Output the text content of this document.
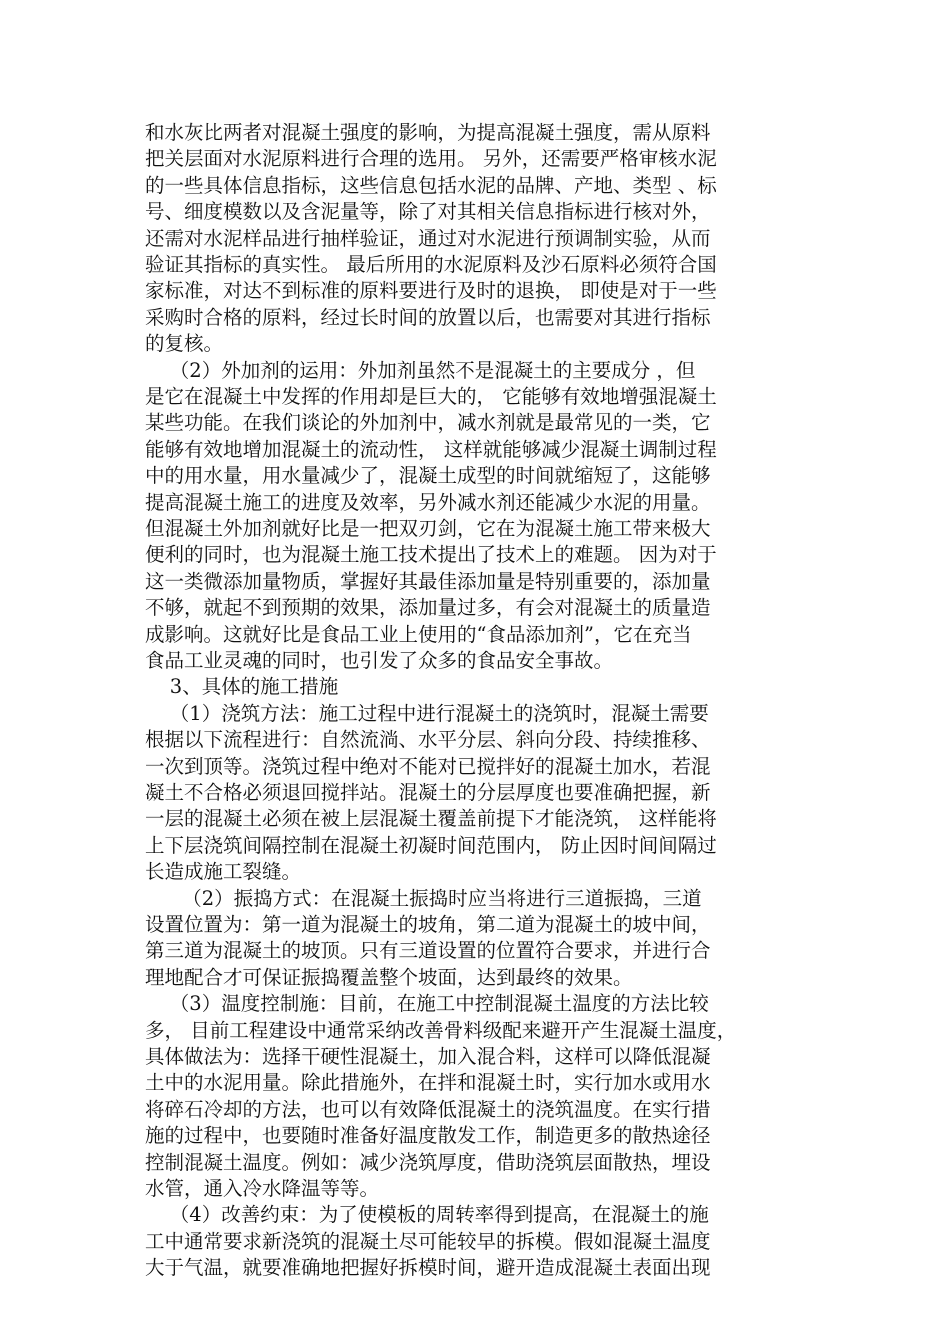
和水灰比两者对混凝土强度的影响，为提高混凝土强度，需从原料

把关层面对水泥原料进行合理的选用。 另外，还需要严格审核水泥

的一些具体信息指标，这些信息包括水泥的品牌、产地、类型 、标

号、细度模数以及含泥量等，除了对其相关信息指标进行核对外，

还需对水泥样品进行抽样验证，通过对水泥进行预调制实验，从而

验证其指标的真实性。 最后所用的水泥原料及沙石原料必须符合国

家标准，对达不到标准的原料要进行及时的退换， 即使是对于一些

采购时合格的原料，经过长时间的放置以后，也需要对其进行指标

的复核。

（2）外加剂的运用：外加剂虽然不是混凝土的主要成分 ，但

是它在混凝土中发挥的作用却是巨大的， 它能够有效地增强混凝土

某些功能。在我们谈论的外加剂中，减水剂就是最常见的一类，它

能够有效地增加混凝土的流动性， 这样就能够减少混凝土调制过程

中的用水量，用水量减少了，混凝土成型的时间就缩短了，这能够

提高混凝土施工的进度及效率，另外减水剂还能减少水泥的用量。

但混凝土外加剂就好比是一把双刃剑，它在为混凝土施工带来极大

便利的同时，也为混凝土施工技术提出了技术上的难题。 因为对于

这一类微添加量物质，掌握好其最佳添加量是特别重要的，添加量

不够，就起不到预期的效果，添加量过多，有会对混凝土的质量造

成影响。这就好比是食品工业上使用的“食品添加剂”，它在充当

食品工业灵魂的同时，也引发了众多的食品安全事故。

3、具体的施工措施

（1）浇筑方法：施工过程中进行混凝土的浇筑时，混凝土需要

根据以下流程进行：自然流淌、水平分层、斜向分段、持续推移、

一次到顶等。浇筑过程中绝对不能对已搅拌好的混凝土加水，若混

凝土不合格必须退回搅拌站。混凝土的分层厚度也要准确把握，新

一层的混凝土必须在被上层混凝土覆盖前提下才能浇筑， 这样能将

上下层浇筑间隔控制在混凝土初凝时间范围内， 防止因时间间隔过

长造成施工裂缝。

（2）振捣方式：在混凝土振捣时应当将进行三道振捣，三道

设置位置为：第一道为混凝土的坡角，第二道为混凝土的坡中间，

第三道为混凝土的坡顶。只有三道设置的位置符合要求，并进行合

理地配合才可保证振捣覆盖整个坡面，达到最终的效果。

（3）温度控制施：目前，在施工中控制混凝土温度的方法比较

多， 目前工程建设中通常采纳改善骨料级配来避开产生混凝土温度，

具体做法为：选择干硬性混凝土，加入混合料，这样可以降低混凝

土中的水泥用量。除此措施外，在拌和混凝土时，实行加水或用水

将碎石冷却的方法，也可以有效降低混凝土的浇筑温度。在实行措

施的过程中，也要随时准备好温度散发工作，制造更多的散热途径

控制混凝土温度。例如：减少浇筑厚度，借助浇筑层面散热，埋设

水管，通入冷水降温等等。

（4）改善约束：为了使模板的周转率得到提高，在混凝土的施

工中通常要求新浇筑的混凝土尽可能较早的拆模。假如混凝土温度

大于气温，就要准确地把握好拆模时间，避开造成混凝土表面出现
